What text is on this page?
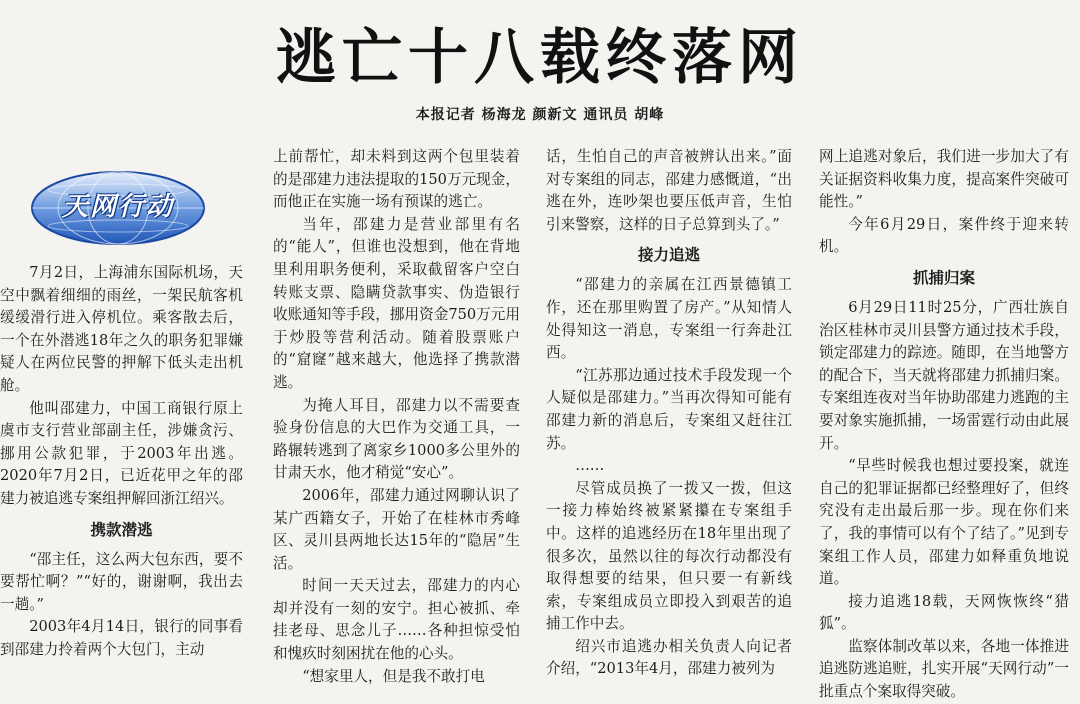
逃亡十八载终落网
本报记者 杨海龙 颜新文 通讯员 胡峰
天网行动

7月2日，上海浦东国际机场，天空中飘着细细的雨丝，一架民航客机缓缓滑行进入停机位。乘客散去后，一个在外潜逃18年之久的职务犯罪嫌疑人在两位民警的押解下低头走出机舱。

他叫邵建力，中国工商银行原上虞市支行营业部副主任，涉嫌贪污、挪用公款犯罪，于2003年出逃。2020年7月2日，已近花甲之年的邵建力被追逃专案组押解回浙江绍兴。

携款潜逃

“邵主任，这么两大包东西，要不要帮忙啊？”“好的，谢谢啊，我出去一趟。”

2003年4月14日，银行的同事看到邵建力拎着两个大包门，主动

上前帮忙，却未料到这两个包里装着的是邵建力违法提取的150万元现金，而他正在实施一场有预谋的逃亡。

当年，邵建力是营业部里有名的“能人”，但谁也没想到，他在背地里利用职务便利，采取截留客户空白转账支票、隐瞒贷款事实、伪造银行收账通知等手段，挪用资金750万元用于炒股等营利活动。随着股票账户的“窟窿”越来越大，他选择了携款潜逃。

为掩人耳目，邵建力以不需要查验身份信息的大巴作为交通工具，一路辗转逃到了离家乡1000多公里外的甘肃天水，他才稍觉“安心”。

2006年，邵建力通过网聊认识了某广西籍女子，开始了在桂林市秀峰区、灵川县两地长达15年的“隐居”生活。

时间一天天过去，邵建力的内心却并没有一刻的安宁。担心被抓、牵挂老母、思念儿子……各种担惊受怕和愧疚时刻困扰在他的心头。

“想家里人，但是我不敢打电

话，生怕自己的声音被辨认出来。”面对专案组的同志，邵建力感慨道，“出逃在外，连吵架也要压低声音，生怕引来警察，这样的日子总算到头了。”

接力追逃

“邵建力的亲属在江西景德镇工作，还在那里购置了房产。”从知情人处得知这一消息，专案组一行奔赴江西。

“江苏那边通过技术手段发现一个人疑似是邵建力。”当再次得知可能有邵建力新的消息后，专案组又赶往江苏。

……

尽管成员换了一拨又一拨，但这一接力棒始终被紧紧攥在专案组手中。这样的追逃经历在18年里出现了很多次，虽然以往的每次行动都没有取得想要的结果，但只要一有新线索，专案组成员立即投入到艰苦的追捕工作中去。

绍兴市追逃办相关负责人向记者介绍，“2013年4月，邵建力被列为

网上追逃对象后，我们进一步加大了有关证据资料收集力度，提高案件突破可能性。”

今年6月29日，案件终于迎来转机。

抓捕归案

6月29日11时25分，广西壮族自治区桂林市灵川县警方通过技术手段，锁定邵建力的踪迹。随即，在当地警方的配合下，当天就将邵建力抓捕归案。专案组连夜对当年协助邵建力逃跑的主要对象实施抓捕，一场雷霆行动由此展开。

“早些时候我也想过要投案，就连自己的犯罪证据都已经整理好了，但终究没有走出最后那一步。现在你们来了，我的事情可以有个了结了。”见到专案组工作人员，邵建力如释重负地说道。

接力追逃18载，天网恢恢终“猎狐”。

监察体制改革以来，各地一体推进追逃防逃追赃，扎实开展“天网行动”一批重点个案取得突破。
